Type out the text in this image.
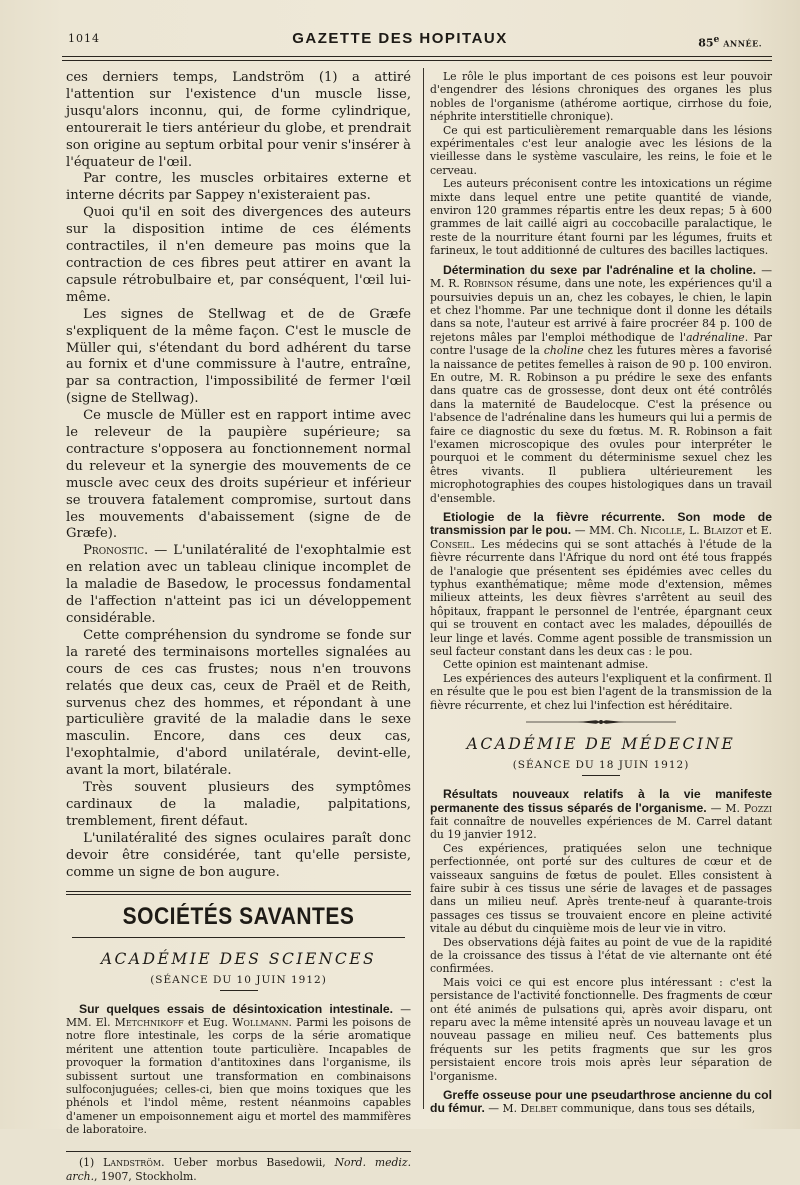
1014	GAZETTE DES HOPITAUX	85e ANNÉE.

ces derniers temps, Landström (1) a attiré l'attention sur l'existence d'un muscle lisse, jusqu'alors inconnu, qui, de forme cylindrique, entourerait le tiers antérieur du globe, et prendrait son origine au septum orbital pour venir s'insérer à l'équateur de l'œil.

Par contre, les muscles orbitaires externe et interne décrits par Sappey n'existeraient pas.

Quoi qu'il en soit des divergences des auteurs sur la disposition intime de ces éléments contractiles, il n'en demeure pas moins que la contraction de ces fibres peut attirer en avant la capsule rétrobulbaire et, par conséquent, l'œil lui-même.

Les signes de Stellwag et de de Græfe s'expliquent de la même façon. C'est le muscle de Müller qui, s'étendant du bord adhérent du tarse au fornix et d'une commissure à l'autre, entraîne, par sa contraction, l'impossibilité de fermer l'œil (signe de Stellwag).

Ce muscle de Müller est en rapport intime avec le releveur de la paupière supérieure; sa contracture s'opposera au fonctionnement normal du releveur et la synergie des mouvements de ce muscle avec ceux des droits supérieur et inférieur se trouvera fatalement compromise, surtout dans les mouvements d'abaissement (signe de de Græfe).

Pronostic. — L'unilatéralité de l'exophtalmie est en relation avec un tableau clinique incomplet de la maladie de Basedow, le processus fondamental de l'affection n'atteint pas ici un développement considérable.

Cette compréhension du syndrome se fonde sur la rareté des terminaisons mortelles signalées au cours de ces cas frustes; nous n'en trouvons relatés que deux cas, ceux de Praël et de Reith, survenus chez des hommes, et répondant à une particulière gravité de la maladie dans le sexe masculin. Encore, dans ces deux cas, l'exophtalmie, d'abord unilatérale, devint-elle, avant la mort, bilatérale.

Très souvent plusieurs des symptômes cardinaux de la maladie, palpitations, tremblement, firent défaut.

L'unilatéralité des signes oculaires paraît donc devoir être considérée, tant qu'elle persiste, comme un signe de bon augure.

SOCIÉTÉS SAVANTES
ACADÉMIE DES SCIENCES
(SÉANCE DU 10 JUIN 1912)

Sur quelques essais de désintoxication intestinale. — MM. El. Metchnikoff et Eug. Wollmann. Parmi les poisons de notre flore intestinale, les corps de la série aromatique méritent une attention toute particulière. Incapables de provoquer la formation d'antitoxines dans l'organisme, ils subissent surtout une transformation en combinaisons sulfoconjuguées; celles-ci, bien que moins toxiques que les phénols et l'indol même, restent néanmoins capables d'amener un empoisonnement aigu et mortel des mammifères de laboratoire.

(1) Landström. Ueber morbus Basedowii, Nord. mediz. arch., 1907, Stockholm.

Le rôle le plus important de ces poisons est leur pouvoir d'engendrer des lésions chroniques des organes les plus nobles de l'organisme (athérome aortique, cirrhose du foie, néphrite interstitielle chronique).

Ce qui est particulièrement remarquable dans les lésions expérimentales c'est leur analogie avec les lésions de la vieillesse dans le système vasculaire, les reins, le foie et le cerveau.

Les auteurs préconisent contre les intoxications un régime mixte dans lequel entre une petite quantité de viande, environ 120 grammes répartis entre les deux repas; 5 à 600 grammes de lait caillé aigri au coccobacille paralactique, le reste de la nourriture étant fourni par les légumes, fruits et farineux, le tout additionné de cultures des bacilles lactiques.

Détermination du sexe par l'adrénaline et la choline. — M. R. Robinson résume, dans une note, les expériences qu'il a poursuivies depuis un an, chez les cobayes, le chien, le lapin et chez l'homme. Par une technique dont il donne les détails dans sa note, l'auteur est arrivé à faire procréer 84 p. 100 de rejetons mâles par l'emploi méthodique de l'adrénaline. Par contre l'usage de la choline chez les futures mères a favorisé la naissance de petites femelles à raison de 90 p. 100 environ. En outre, M. R. Robinson a pu prédire le sexe des enfants dans quatre cas de grossesse, dont deux ont été contrôlés dans la maternité de Baudelocque. C'est la présence ou l'absence de l'adrénaline dans les humeurs qui lui a permis de faire ce diagnostic du sexe du fœtus. M. R. Robinson a fait l'examen microscopique des ovules pour interpréter le pourquoi et le comment du déterminisme sexuel chez les êtres vivants. Il publiera ultérieurement les microphotographies des coupes histologiques dans un travail d'ensemble.

Etiologie de la fièvre récurrente. Son mode de transmission par le pou. — MM. Ch. Nicolle, L. Blaizot et E. Conseil. Les médecins qui se sont attachés à l'étude de la fièvre récurrente dans l'Afrique du nord ont été tous frappés de l'analogie que présentent ses épidémies avec celles du typhus exanthématique; même mode d'extension, mêmes milieux atteints, les deux fièvres s'arrêtent au seuil des hôpitaux, frappant le personnel de l'entrée, épargnant ceux qui se trouvent en contact avec les malades, dépouillés de leur linge et lavés. Comme agent possible de transmission un seul facteur constant dans les deux cas : le pou.

Cette opinion est maintenant admise.

Les expériences des auteurs l'expliquent et la confirment. Il en résulte que le pou est bien l'agent de la transmission de la fièvre récurrente, et chez lui l'infection est héréditaire.

ACADÉMIE DE MÉDECINE
(SÉANCE DU 18 JUIN 1912)

Résultats nouveaux relatifs à la vie manifeste permanente des tissus séparés de l'organisme. — M. Pozzi fait connaître de nouvelles expériences de M. Carrel datant du 19 janvier 1912.

Ces expériences, pratiquées selon une technique perfectionnée, ont porté sur des cultures de cœur et de vaisseaux sanguins de fœtus de poulet. Elles consistent à faire subir à ces tissus une série de lavages et de passages dans un milieu neuf. Après trente-neuf à quarante-trois passages ces tissus se trouvaient encore en pleine activité vitale au début du cinquième mois de leur vie in vitro.

Des observations déjà faites au point de vue de la rapidité de la croissance des tissus à l'état de vie alternante ont été confirmées.

Mais voici ce qui est encore plus intéressant : c'est la persistance de l'activité fonctionnelle. Des fragments de cœur ont été animés de pulsations qui, après avoir disparu, ont reparu avec la même intensité après un nouveau lavage et un nouveau passage en milieu neuf. Ces battements plus fréquents sur les petits fragments que sur les gros persistaient encore trois mois après leur séparation de l'organisme.

Greffe osseuse pour une pseudarthrose ancienne du col du fémur. — M. Delbet communique, dans tous ses détails,
